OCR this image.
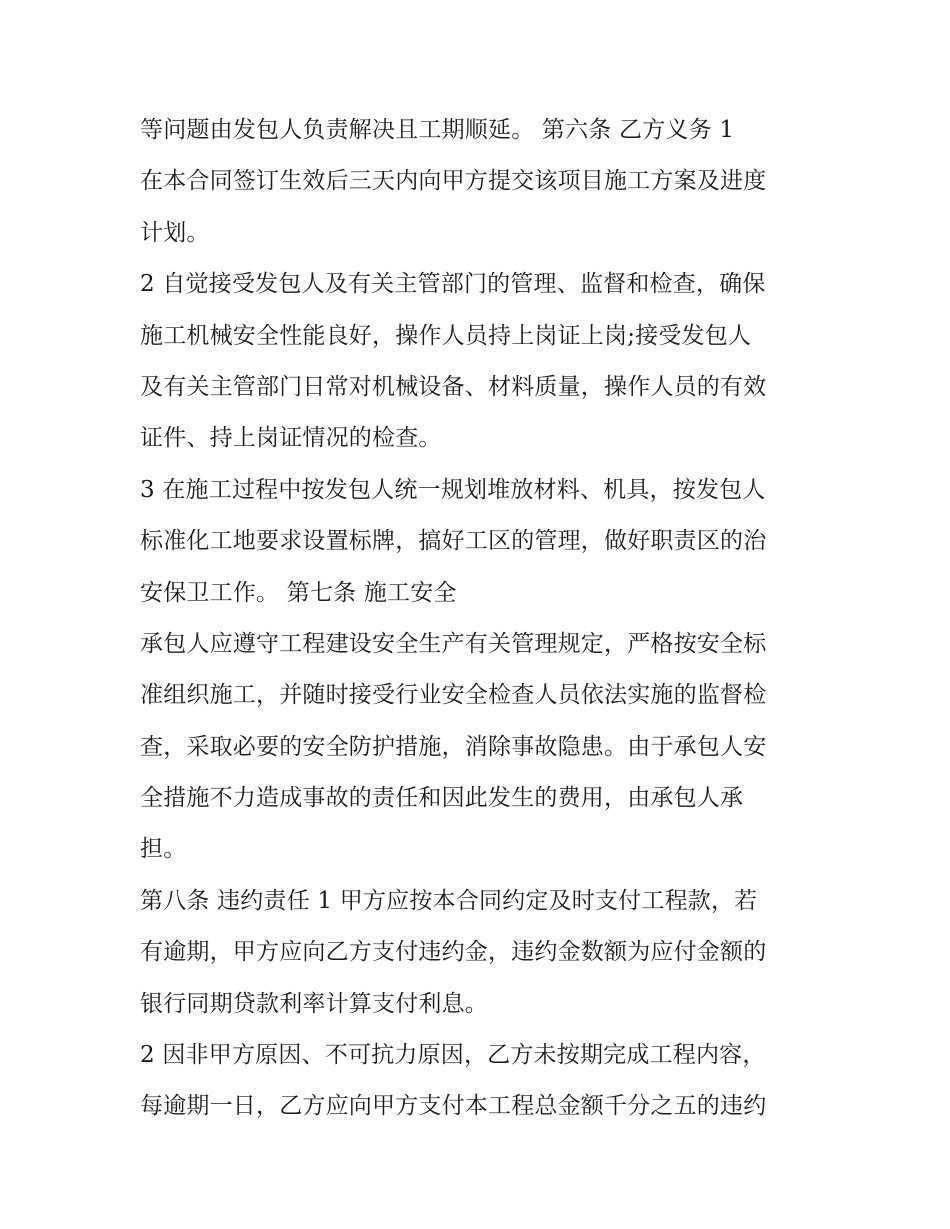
等问题由发包人负责解决且工期顺延。 第六条 乙方义务 1
在本合同签订生效后三天内向甲方提交该项目施工方案及进度
计划。
2 自觉接受发包人及有关主管部门的管理、监督和检查，确保
施工机械安全性能良好，操作人员持上岗证上岗;接受发包人
及有关主管部门日常对机械设备、材料质量，操作人员的有效
证件、持上岗证情况的检查。
3 在施工过程中按发包人统一规划堆放材料、机具，按发包人
标准化工地要求设置标牌，搞好工区的管理，做好职责区的治
安保卫工作。 第七条 施工安全
承包人应遵守工程建设安全生产有关管理规定，严格按安全标
准组织施工，并随时接受行业安全检查人员依法实施的监督检
查，采取必要的安全防护措施，消除事故隐患。由于承包人安
全措施不力造成事故的责任和因此发生的费用，由承包人承
担。
第八条 违约责任 1 甲方应按本合同约定及时支付工程款，若
有逾期，甲方应向乙方支付违约金，违约金数额为应付金额的
银行同期贷款利率计算支付利息。
2 因非甲方原因、不可抗力原因，乙方未按期完成工程内容，
每逾期一日，乙方应向甲方支付本工程总金额千分之五的违约
